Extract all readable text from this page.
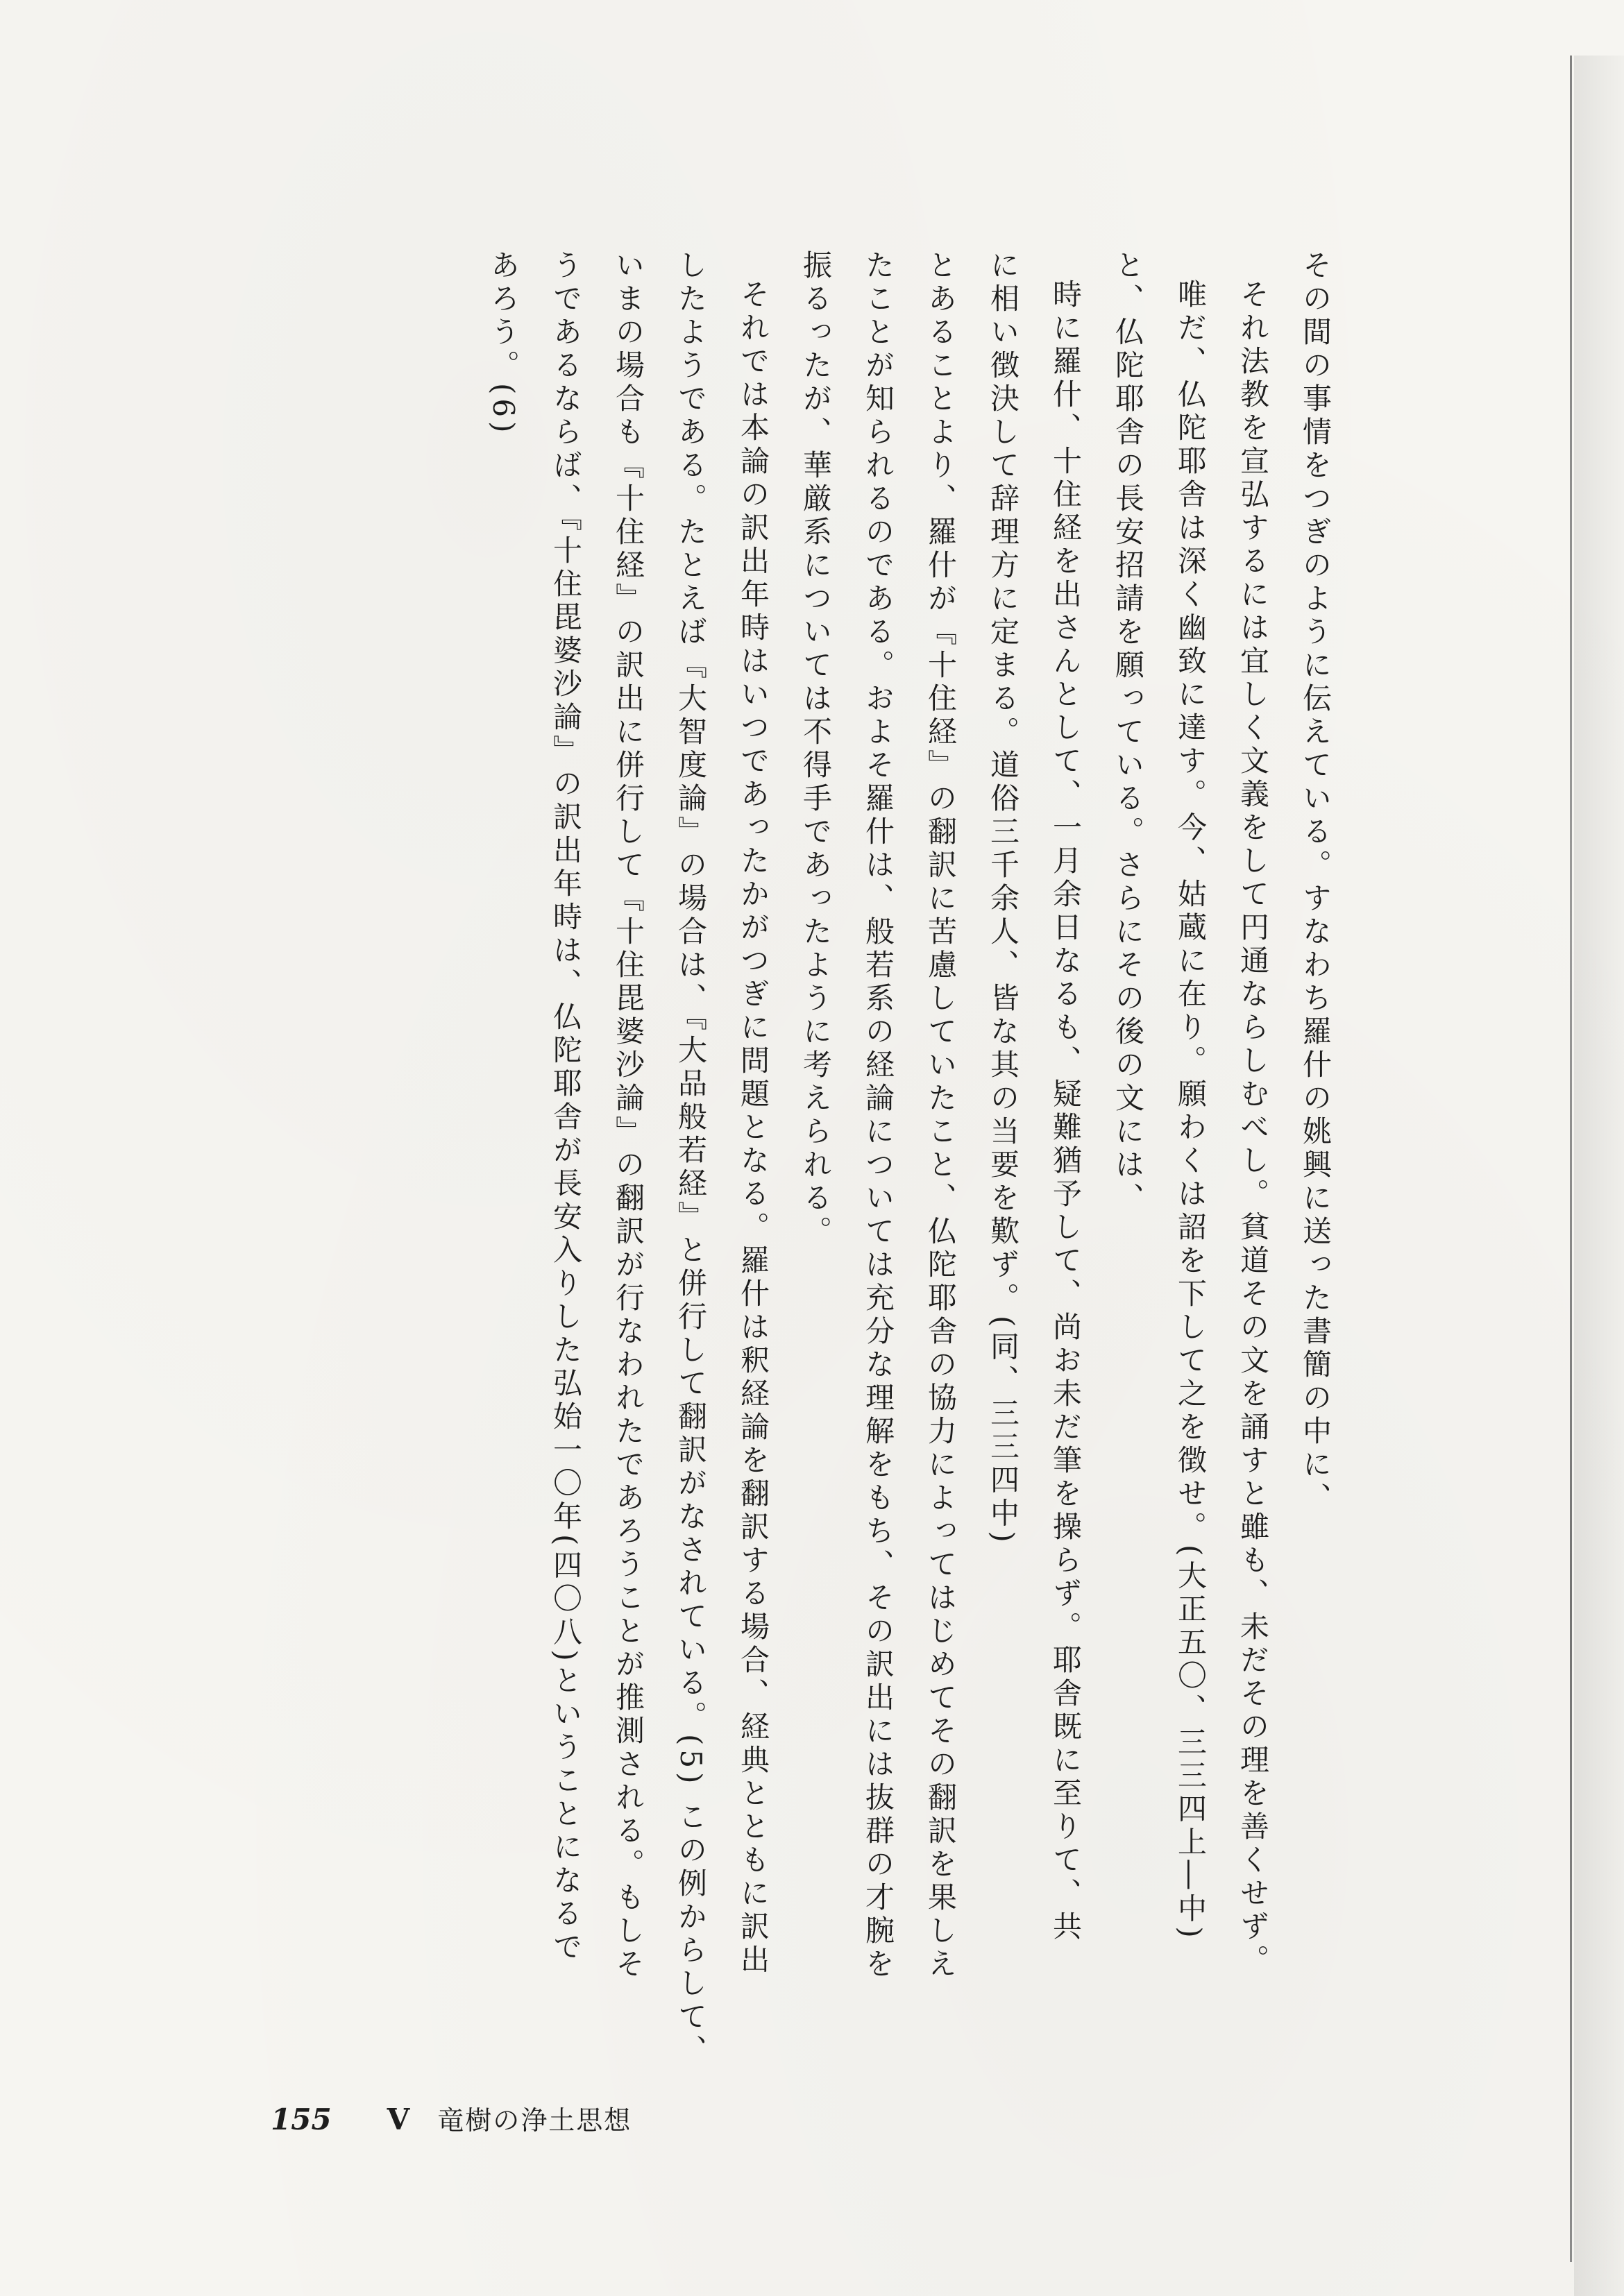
その間の事情をつぎのように伝えている。すなわち羅什の姚興に送った書簡の中に、

それ法教を宣弘するには宜しく文義をして円通ならしむべし。貧道その文を誦すと雖も、未だその理を善くせず。

唯だ、仏陀耶舎は深く幽致に達す。今、姑蔵に在り。願わくは詔を下して之を徴せ。(大正五〇、三三四上―中)

と、仏陀耶舎の長安招請を願っている。さらにその後の文には、

時に羅什、十住経を出さんとして、一月余日なるも、疑難猶予して、尚お未だ筆を操らず。耶舎既に至りて、共

に相い徴決して辞理方に定まる。道俗三千余人、皆な其の当要を歎ず。(同、三三四中)

とあることより、羅什が『十住経』の翻訳に苦慮していたこと、仏陀耶舎の協力によってはじめてその翻訳を果しえ

たことが知られるのである。およそ羅什は、般若系の経論については充分な理解をもち、その訳出には抜群の才腕を

振るったが、華厳系については不得手であったように考えられる。

それでは本論の訳出年時はいつであったかがつぎに問題となる。羅什は釈経論を翻訳する場合、経典とともに訳出

したようである。たとえば『大智度論』の場合は、『大品般若経』と併行して翻訳がなされている。(5) この例からして、

いまの場合も『十住経』の訳出に併行して『十住毘婆沙論』の翻訳が行なわれたであろうことが推測される。もしそ

うであるならば、『十住毘婆沙論』の訳出年時は、仏陀耶舎が長安入りした弘始一〇年(四〇八)ということになるで

あろう。(6)

155 V 竜樹の浄土思想
